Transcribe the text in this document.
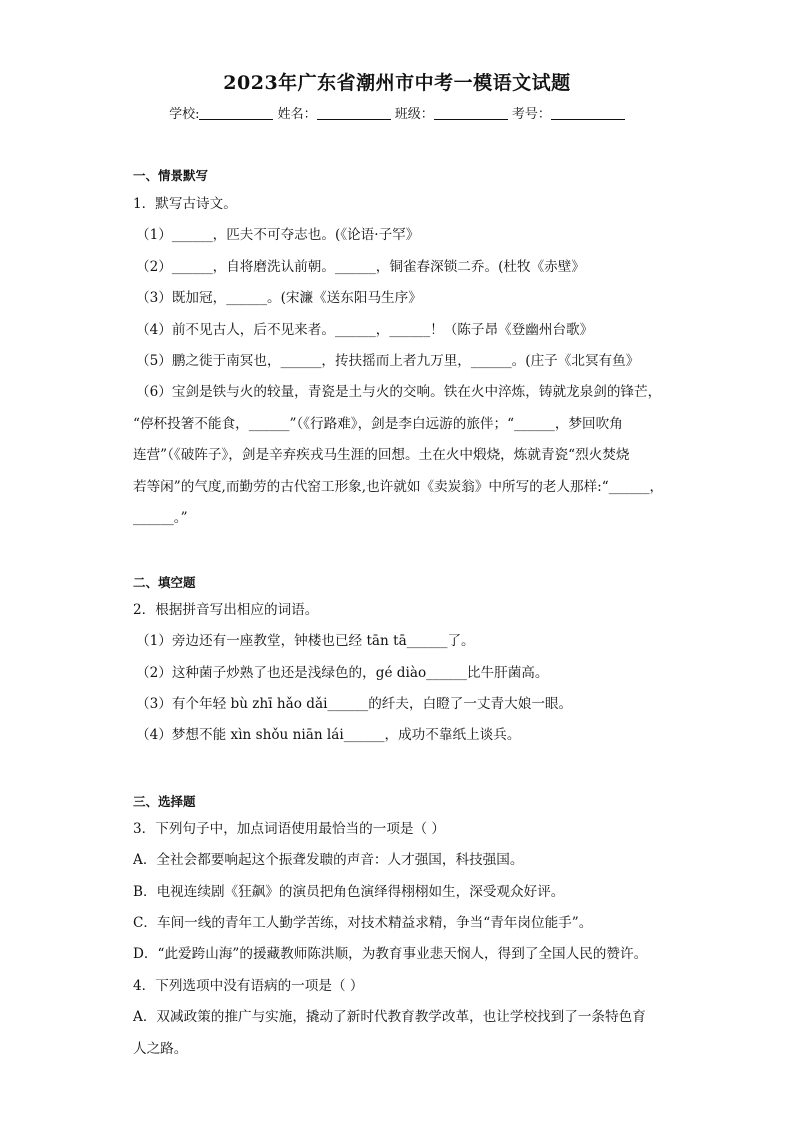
2023年广东省潮州市中考一模语文试题
学校:	姓名：	班级：	考号：
一、情景默写
1．默写古诗文。
（1）______，匹夫不可夺志也。(《论语·子罕》
（2）______，自将磨洗认前朝。______，铜雀春深锁二乔。(杜牧《赤壁》
（3）既加冠，______。(宋濂《送东阳马生序》
（4）前不见古人，后不见来者。______，______！（陈子昂《登幽州台歌》
（5）鹏之徙于南冥也，______，抟扶摇而上者九万里，______。(庄子《北冥有鱼》
（6）宝剑是铁与火的较量，青瓷是土与火的交响。铁在火中淬炼，铸就龙泉剑的锋芒，
“停杯投箸不能食，______”（《行路难》，剑是李白远游的旅伴；“______，梦回吹角
连营”（《破阵子》，剑是辛弃疾戎马生涯的回想。土在火中煅烧，炼就青瓷“烈火焚烧
若等闲”的气度,而勤劳的古代窑工形象,也许就如《卖炭翁》中所写的老人那样:“______，
______。”
二、填空题
2．根据拼音写出相应的词语。
（1）旁边还有一座教堂，钟楼也已经 tān tā______了。
（2）这种菌子炒熟了也还是浅绿色的，gé diào______比牛肝菌高。
（3）有个年轻 bù zhī hǎo dǎi______的纤夫，白瞪了一丈青大娘一眼。
（4）梦想不能 xìn shǒu niān lái______，成功不靠纸上谈兵。
三、选择题
3．下列句子中，加点词语使用最恰当的一项是（ ）
A．全社会都要响起这个振聋发聩的声音：人才强国，科技强国。
B．电视连续剧《狂飙》的演员把角色演绎得栩栩如生，深受观众好评。
C．车间一线的青年工人勤学苦练，对技术精益求精，争当“青年岗位能手”。
D．“此爱跨山海”的援藏教师陈洪顺，为教育事业悲天悯人，得到了全国人民的赞许。
4．下列选项中没有语病的一项是（ ）
A．双减政策的推广与实施，撬动了新时代教育教学改革，也让学校找到了一条特色育
人之路。
